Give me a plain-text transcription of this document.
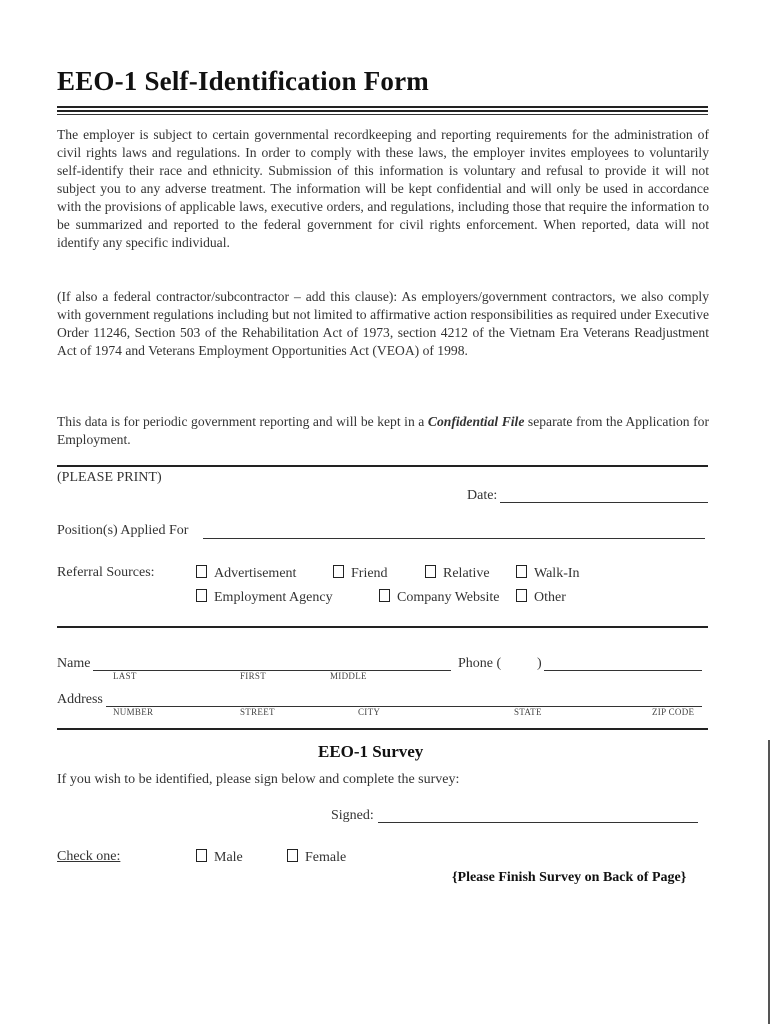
EEO-1 Self-Identification Form
The employer is subject to certain governmental recordkeeping and reporting requirements for the administration of civil rights laws and regulations. In order to comply with these laws, the employer invites employees to voluntarily self-identify their race and ethnicity. Submission of this information is voluntary and refusal to provide it will not subject you to any adverse treatment. The information will be kept confidential and will only be used in accordance with the provisions of applicable laws, executive orders, and regulations, including those that require the information to be summarized and reported to the federal government for civil rights enforcement. When reported, data will not identify any specific individual.
(If also a federal contractor/subcontractor – add this clause): As employers/government contractors, we also comply with government regulations including but not limited to affirmative action responsibilities as required under Executive Order 11246, Section 503 of the Rehabilitation Act of 1973, section 4212 of the Vietnam Era Veterans Readjustment Act of 1974 and Veterans Employment Opportunities Act (VEOA) of 1998.
This data is for periodic government reporting and will be kept in a Confidential File separate from the Application for Employment.
(PLEASE PRINT)
Date:
Position(s) Applied For
Referral Sources:	Advertisement	Friend	Relative	Walk-In
Employment Agency	Company Website	Other
Name
LAST	FIRST	MIDDLE
Phone (	)
Address
NUMBER	STREET	CITY	STATE	ZIP CODE
EEO-1 Survey
If you wish to be identified, please sign below and complete the survey:
Signed:
Check one:	Male	Female
{Please Finish Survey on Back of Page}
